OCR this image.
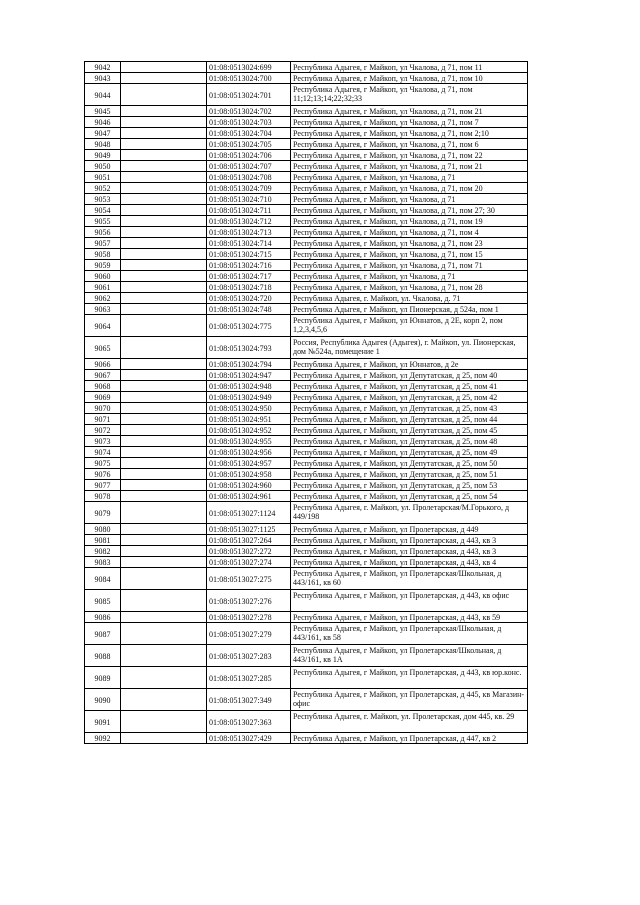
9042		01:08:0513024:699	Республика Адыгея, г Майкоп, ул Чкалова, д 71, пом 11
9043		01:08:0513024:700	Республика Адыгея, г Майкоп, ул Чкалова, д 71, пом 10
9044		01:08:0513024:701	Республика Адыгея, г Майкоп, ул Чкалова, д 71, пом 11;12;13;14;22;32;33
9045		01:08:0513024:702	Республика Адыгея, г Майкоп, ул Чкалова, д 71, пом 21
9046		01:08:0513024:703	Республика Адыгея, г Майкоп, ул Чкалова, д 71, пом 7
9047		01:08:0513024:704	Республика Адыгея, г Майкоп, ул Чкалова, д 71, пом 2;10
9048		01:08:0513024:705	Республика Адыгея, г Майкоп, ул Чкалова, д 71, пом 6
9049		01:08:0513024:706	Республика Адыгея, г Майкоп, ул Чкалова, д 71, пом 22
9050		01:08:0513024:707	Республика Адыгея, г Майкоп, ул Чкалова, д 71, пом 21
9051		01:08:0513024:708	Республика Адыгея, г Майкоп, ул Чкалова, д 71
9052		01:08:0513024:709	Республика Адыгея, г Майкоп, ул Чкалова, д 71, пом 20
9053		01:08:0513024:710	Республика Адыгея, г Майкоп, ул Чкалова, д 71
9054		01:08:0513024:711	Республика Адыгея, г Майкоп, ул Чкалова, д 71, пом 27; 30
9055		01:08:0513024:712	Республика Адыгея, г Майкоп, ул Чкалова, д 71, пом 19
9056		01:08:0513024:713	Республика Адыгея, г Майкоп, ул Чкалова, д 71, пом 4
9057		01:08:0513024:714	Республика Адыгея, г Майкоп, ул Чкалова, д 71, пом 23
9058		01:08:0513024:715	Республика Адыгея, г Майкоп, ул Чкалова, д 71, пом 15
9059		01:08:0513024:716	Республика Адыгея, г Майкоп, ул Чкалова, д 71, пом 71
9060		01:08:0513024:717	Республика Адыгея, г Майкоп, ул Чкалова, д 71
9061		01:08:0513024:718	Республика Адыгея, г Майкоп, ул Чкалова, д 71, пом 28
9062		01:08:0513024:720	Республика Адыгея, г. Майкоп, ул. Чкалова, д. 71
9063		01:08:0513024:748	Республика Адыгея, г Майкоп, ул Пионерская, д 524а, пом 1
9064		01:08:0513024:775	Республика Адыгея, г Майкоп, ул Юннатов, д 2Е, корп 2, пом 1,2,3,4,5,6
9065		01:08:0513024:793	Россия, Республика Адыгея (Адыгея), г. Майкоп, ул. Пионерская, дом №524а, помещение 1
9066		01:08:0513024:794	Республика Адыгея, г Майкоп, ул Юннатов, д 2е
9067		01:08:0513024:947	Республика Адыгея, г Майкоп, ул Депутатская, д 25, пом 40
9068		01:08:0513024:948	Республика Адыгея, г Майкоп, ул Депутатская, д 25, пом 41
9069		01:08:0513024:949	Республика Адыгея, г Майкоп, ул Депутатская, д 25, пом 42
9070		01:08:0513024:950	Республика Адыгея, г Майкоп, ул Депутатская, д 25, пом 43
9071		01:08:0513024:951	Республика Адыгея, г Майкоп, ул Депутатская, д 25, пом 44
9072		01:08:0513024:952	Республика Адыгея, г Майкоп, ул Депутатская, д 25, пом 45
9073		01:08:0513024:955	Республика Адыгея, г Майкоп, ул Депутатская, д 25, пом 48
9074		01:08:0513024:956	Республика Адыгея, г Майкоп, ул Депутатская, д 25, пом 49
9075		01:08:0513024:957	Республика Адыгея, г Майкоп, ул Депутатская, д 25, пом 50
9076		01:08:0513024:958	Республика Адыгея, г Майкоп, ул Депутатская, д 25, пом 51
9077		01:08:0513024:960	Республика Адыгея, г Майкоп, ул Депутатская, д 25, пом 53
9078		01:08:0513024:961	Республика Адыгея, г Майкоп, ул Депутатская, д 25, пом 54
9079		01:08:0513027:1124	Республика Адыгея, г. Майкоп, ул. Пролетарская/М.Горького, д 449/198
9080		01:08:0513027:1125	Республика Адыгея, г Майкоп, ул Пролетарская, д 449
9081		01:08:0513027:264	Республика Адыгея, г Майкоп, ул Пролетарская, д 443, кв 3
9082		01:08:0513027:272	Республика Адыгея, г Майкоп, ул Пролетарская, д 443, кв 3
9083		01:08:0513027:274	Республика Адыгея, г Майкоп, ул Пролетарская, д 443, кв 4
9084		01:08:0513027:275	Республика Адыгея, г Майкоп, ул Пролетарская/Школьная, д 443/161, кв 60
9085		01:08:0513027:276	Республика Адыгея, г Майкоп, ул Пролетарская, д 443, кв офис
9086		01:08:0513027:278	Республика Адыгея, г Майкоп, ул Пролетарская, д 443, кв 59
9087		01:08:0513027:279	Республика Адыгея, г Майкоп, ул Пролетарская/Школьная, д 443/161, кв 58
9088		01:08:0513027:283	Республика Адыгея, г Майкоп, ул Пролетарская/Школьная, д 443/161, кв 1А
9089		01:08:0513027:285	Республика Адыгея, г Майкоп, ул Пролетарская, д 443, кв юр.конс.
9090		01:08:0513027:349	Республика Адыгея, г Майкоп, ул Пролетарская, д 445, кв Магазин-офис
9091		01:08:0513027:363	Республика Адыгея, г. Майкоп, ул. Пролетарская, дом 445, кв. 29
9092		01:08:0513027:429	Республика Адыгея, г Майкоп, ул Пролетарская, д 447, кв 2
